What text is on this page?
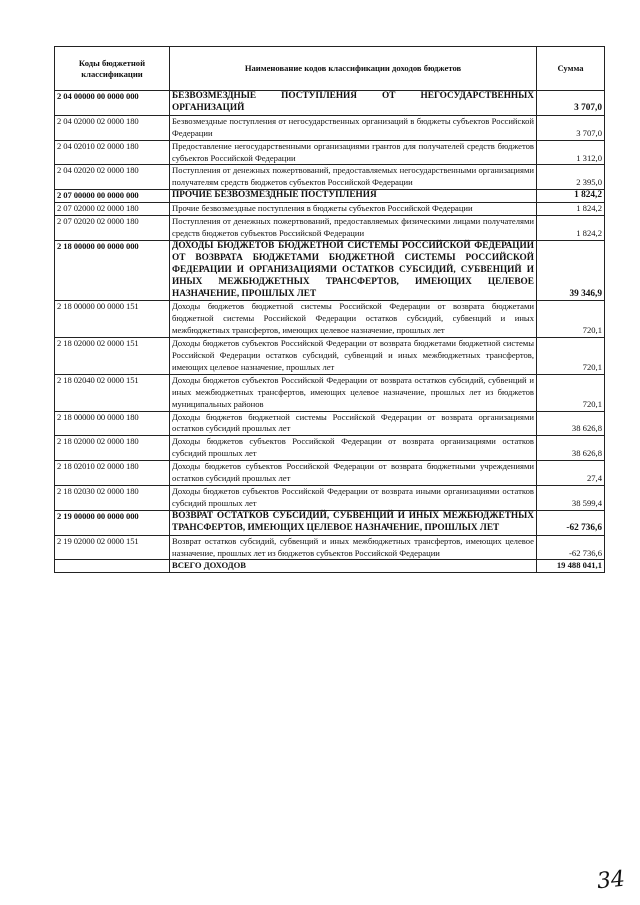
Коды бюджетной классификации	Наименование кодов классификации доходов бюджетов	Сумма
2 04 00000 00 0000 000	БЕЗВОЗМЕЗДНЫЕ ПОСТУПЛЕНИЯ ОТ НЕГОСУДАРСТВЕННЫХ ОРГАНИЗАЦИЙ	3 707,0
2 04 02000 02 0000 180	Безвозмездные поступления от негосударственных организаций в бюджеты субъектов Российской Федерации	3 707,0
2 04 02010 02 0000 180	Предоставление негосударственными организациями грантов для получателей средств бюджетов субъектов Российской Федерации	1 312,0
2 04 02020 02 0000 180	Поступления от денежных пожертвований, предоставляемых негосударственными организациями получателям средств бюджетов субъектов Российской Федерации	2 395,0
2 07 00000 00 0000 000	ПРОЧИЕ БЕЗВОЗМЕЗДНЫЕ ПОСТУПЛЕНИЯ	1 824,2
2 07 02000 02 0000 180	Прочие безвозмездные поступления в бюджеты субъектов Российской Федерации	1 824,2
2 07 02020 02 0000 180	Поступления от денежных пожертвований, предоставляемых физическими лицами получателями средств бюджетов субъектов Российской Федерации	1 824,2
2 18 00000 00 0000 000	ДОХОДЫ БЮДЖЕТОВ БЮДЖЕТНОЙ СИСТЕМЫ РОССИЙСКОЙ ФЕДЕРАЦИИ ОТ ВОЗВРАТА БЮДЖЕТАМИ БЮДЖЕТНОЙ СИСТЕМЫ РОССИЙСКОЙ ФЕДЕРАЦИИ И ОРГАНИЗАЦИЯМИ ОСТАТКОВ СУБСИДИЙ, СУБВЕНЦИЙ И ИНЫХ МЕЖБЮДЖЕТНЫХ ТРАНСФЕРТОВ, ИМЕЮЩИХ ЦЕЛЕВОЕ НАЗНАЧЕНИЕ, ПРОШЛЫХ ЛЕТ	39 346,9
2 18 00000 00 0000 151	Доходы бюджетов бюджетной системы Российской Федерации от возврата бюджетами бюджетной системы Российской Федерации остатков субсидий, субвенций и иных межбюджетных трансфертов, имеющих целевое назначение, прошлых лет	720,1
2 18 02000 02 0000 151	Доходы бюджетов субъектов Российской Федерации от возврата бюджетами бюджетной системы Российской Федерации остатков субсидий, субвенций и иных межбюджетных трансфертов, имеющих целевое назначение, прошлых лет	720,1
2 18 02040 02 0000 151	Доходы бюджетов субъектов Российской Федерации от возврата остатков субсидий, субвенций и иных межбюджетных трансфертов, имеющих целевое назначение, прошлых лет из бюджетов муниципальных районов	720,1
2 18 00000 00 0000 180	Доходы бюджетов бюджетной системы Российской Федерации от возврата организациями остатков субсидий прошлых лет	38 626,8
2 18 02000 02 0000 180	Доходы бюджетов субъектов Российской Федерации от возврата организациями остатков субсидий прошлых лет	38 626,8
2 18 02010 02 0000 180	Доходы бюджетов субъектов Российской Федерации от возврата бюджетными учреждениями остатков субсидий прошлых лет	27,4
2 18 02030 02 0000 180	Доходы бюджетов субъектов Российской Федерации от возврата иными организациями остатков субсидий прошлых лет	38 599,4
2 19 00000 00 0000 000	ВОЗВРАТ ОСТАТКОВ СУБСИДИЙ, СУБВЕНЦИЙ И ИНЫХ МЕЖБЮДЖЕТНЫХ ТРАНСФЕРТОВ, ИМЕЮЩИХ ЦЕЛЕВОЕ НАЗНАЧЕНИЕ, ПРОШЛЫХ ЛЕТ	-62 736,6
2 19 02000 02 0000 151	Возврат остатков субсидий, субвенций и иных межбюджетных трансфертов, имеющих целевое назначение, прошлых лет из бюджетов субъектов Российской Федерации	-62 736,6
	ВСЕГО ДОХОДОВ	19 488 041,1
34
